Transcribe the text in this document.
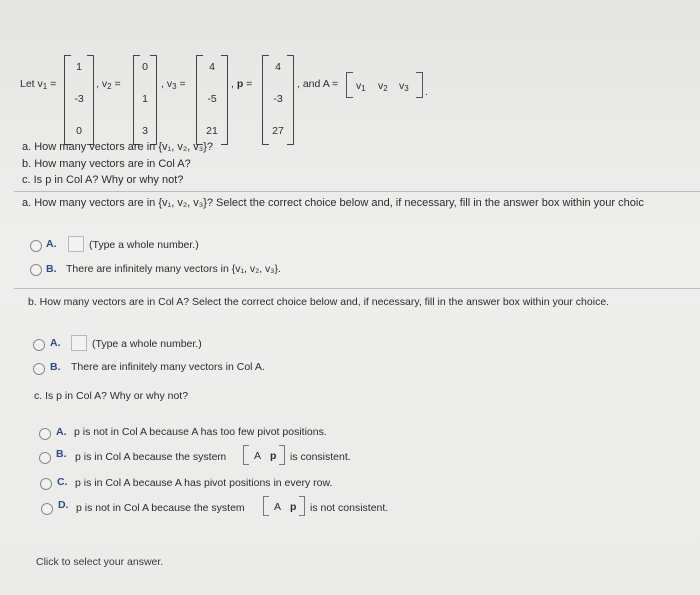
Let v1 =
1
-3
0
, v2 =
0
1
3
, v3 =
4
-5
21
, p =
4
-3
27
, and A = v1 v2 v3 .
a. How many vectors are in {v₁, v₂, v₃}?
b. How many vectors are in Col A?
c. Is p in Col A? Why or why not?
a. How many vectors are in {v₁, v₂, v₃}? Select the correct choice below and, if necessary, fill in the answer box within your choic
A.	(Type a whole number.)
B. There are infinitely many vectors in {v₁, v₂, v₃}.
b. How many vectors are in Col A? Select the correct choice below and, if necessary, fill in the answer box within your choice.
A.	(Type a whole number.)
B. There are infinitely many vectors in Col A.
c. Is p in Col A? Why or why not?
A. p is not in Col A because A has too few pivot positions.
B. p is in Col A because the system	A p is consistent.
C. p is in Col A because A has pivot positions in every row.
D. p is not in Col A because the system	A p is not consistent.
Click to select your answer.
